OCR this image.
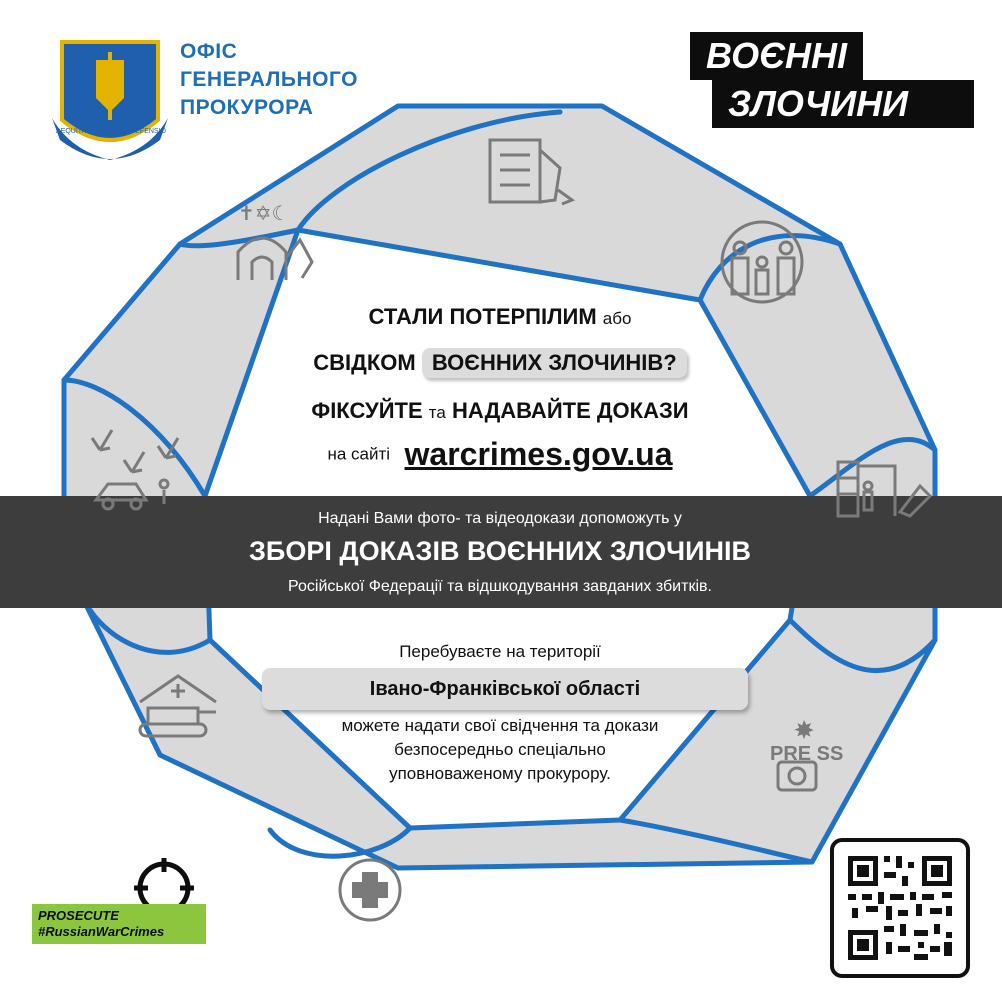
PRE SS
✝✡☾
ОФІС
ГЕНЕРАЛЬНОГО
ПРОКУРОРА
AEQUITAS LEX DEFENSIO
ВОЄННІ
ЗЛОЧИНИ
СТАЛИ ПОТЕРПІЛИМ або
СВІДКОМ ВОЄННИХ ЗЛОЧИНІВ?
ФІКСУЙТЕ та НАДАВАЙТЕ ДОКАЗИ
на сайті warcrimes.gov.ua
Надані Вами фото- та відеодокази допоможуть у
ЗБОРІ ДОКАЗІВ ВОЄННИХ ЗЛОЧИНІВ
Російської Федерації та відшкодування завданих збитків.
Перебуваєте на території
Івано-Франківської області
можете надати свої свідчення та докази
безпосередньо спеціально
уповноваженому прокурору.
PROSECUTE
#RussianWarCrimes
